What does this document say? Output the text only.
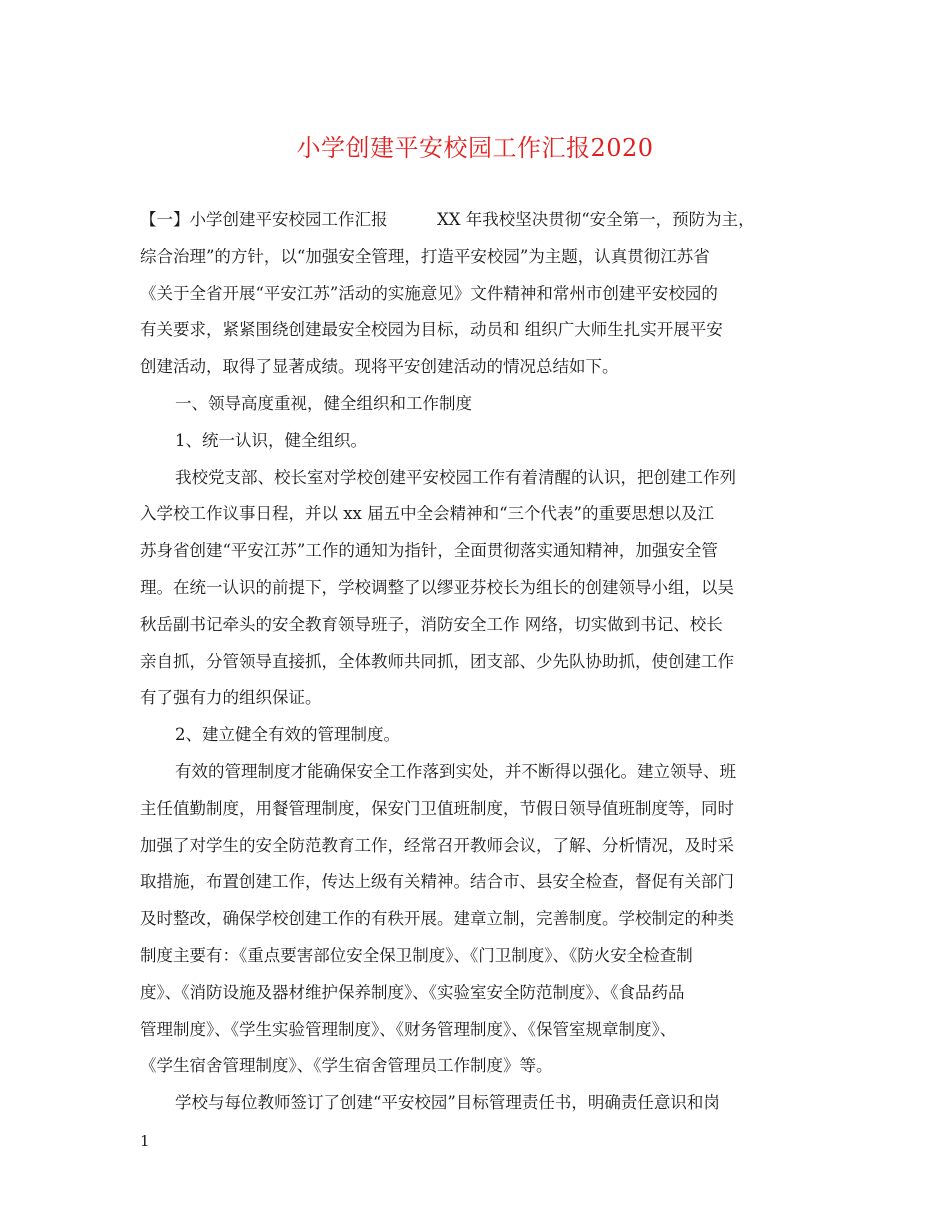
小学创建平安校园工作汇报2020
【一】小学创建平安校园工作汇报　　　XX 年我校坚决贯彻“安全第一，预防为主，
综合治理”的方针，以“加强安全管理，打造平安校园”为主题，认真贯彻江苏省
《关于全省开展“平安江苏”活动的实施意见》文件精神和常州市创建平安校园的
有关要求，紧紧围绕创建最安全校园为目标，动员和 组织广大师生扎实开展平安
创建活动，取得了显著成绩。现将平安创建活动的情况总结如下。
一、领导高度重视，健全组织和工作制度
1、统一认识，健全组织。
我校党支部、校长室对学校创建平安校园工作有着清醒的认识，把创建工作列
入学校工作议事日程，并以 xx 届五中全会精神和“三个代表”的重要思想以及江
苏身省创建“平安江苏”工作的通知为指针，全面贯彻落实通知精神，加强安全管
理。在统一认识的前提下，学校调整了以缪亚芬校长为组长的创建领导小组，以吴
秋岳副书记牵头的安全教育领导班子，消防安全工作 网络，切实做到书记、校长
亲自抓，分管领导直接抓，全体教师共同抓，团支部、少先队协助抓，使创建工作
有了强有力的组织保证。
2、建立健全有效的管理制度。
有效的管理制度才能确保安全工作落到实处，并不断得以强化。建立领导、班
主任值勤制度，用餐管理制度，保安门卫值班制度，节假日领导值班制度等，同时
加强了对学生的安全防范教育工作，经常召开教师会议，了解、分析情况，及时采
取措施，布置创建工作，传达上级有关精神。结合市、县安全检查，督促有关部门
及时整改，确保学校创建工作的有秩开展。建章立制，完善制度。学校制定的种类
制度主要有：《重点要害部位安全保卫制度》、《门卫制度》、《防火安全检查制
度》、《消防设施及器材维护保养制度》、《实验室安全防范制度》、《食品药品
管理制度》、《学生实验管理制度》、《财务管理制度》、《保管室规章制度》、
《学生宿舍管理制度》、《学生宿舍管理员工作制度》等。
学校与每位教师签订了创建“平安校园”目标管理责任书，明确责任意识和岗
1
